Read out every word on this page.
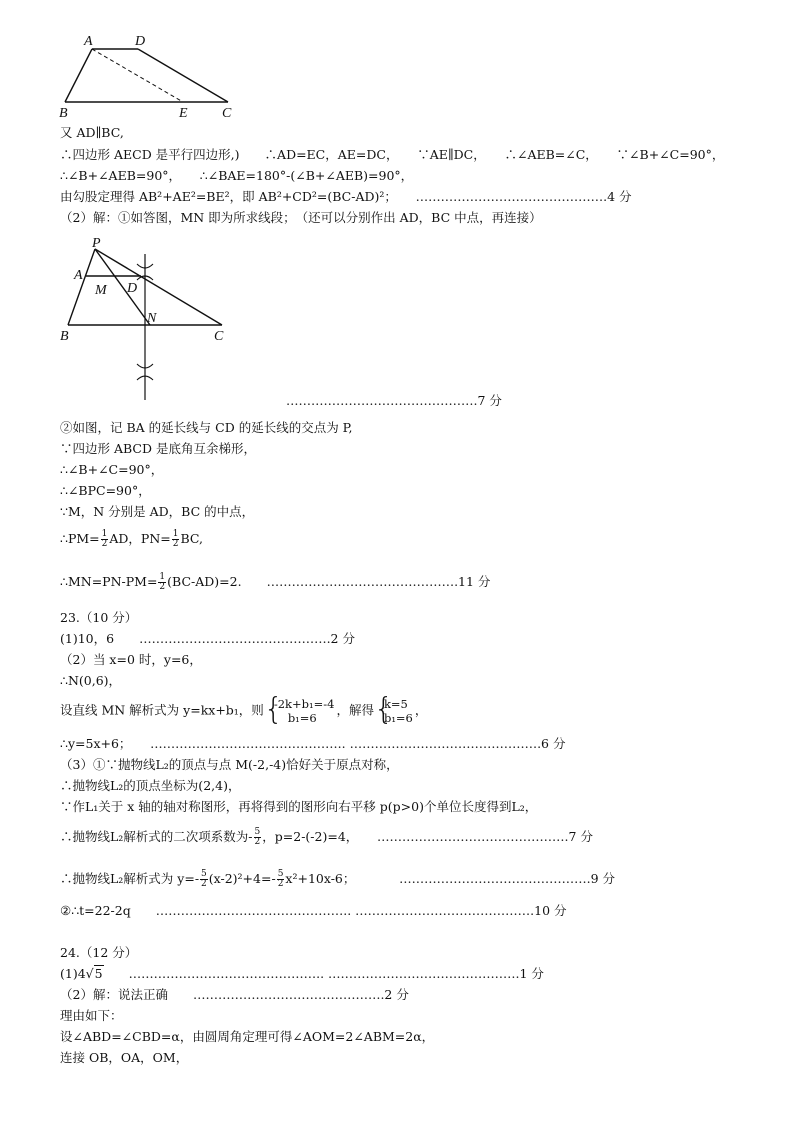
A	D
B	E C
又 AD∥BC,
∴四边形 AECD 是平行四边形,)　　∴AD=EC，AE=DC，　　∵AE∥DC，　　∴∠AEB=∠C，　　∵∠B+∠C=90°，
∴∠B+∠AEB=90°，　　∴∠BAE=180°-(∠B+∠AEB)=90°，
由勾股定理得 AB²+AE²=BE²，即 AB²+CD²=(BC-AD)²；　　……………………………………….4 分
（2）解：①如答图，MN 即为所求线段；　（还可以分别作出 AD，BC 中点，再连接）
P
A
M D
N
B	C
……………………………………….7 分
②如图，记 BA 的延长线与 CD 的延长线的交点为 P,
∵四边形 ABCD 是底角互余梯形，
∴∠B+∠C=90°，
∴∠BPC=90°，
∵M，N 分别是 AD，BC 的中点，
∴PM= $\frac{1}{2}$ AD，$PN= \frac{1}{2}$ BC,
∴MN=PN-PM= $\frac{1}{2} (BC-AD)=2$.　　……………………………………….11 分
23.（10 分）
(1)10，6　　……………………………………….2 分
（2）当 x=0 时，y=6，
∴N(0,6)，
设直线 MN 解析式为 y=kx+b₁，则 { -2k+b₁=-4
b₁=6
，解得 { k=5
b₁=6
，
∴y=5x+6；　　……………………………………….. ……………………………………….6 分
（3）①∵抛物线L₂的顶点与点 M(-2,-4)恰好关于原点对称，
∴抛物线L₂的顶点坐标为(2,4)，
∵作L₁关于 x 轴的轴对称图形，再将得到的图形向右平移 p(p>0)个单位长度得到L₂，
∴抛物线L₂解析式的二次项系数为- $\frac{5}{2}$ ，p=2-(-2)=4，　　……………………………………….7 分
∴抛物线L₂解析式为 $y=- \frac{5}{2} (x-2)^2+4=- \frac{5}{2} x^2+10x-6$；　　　　……………………………………….9 分
②∴t=22-2q　　……………………………………….. …………………………………….10 分
24.（12 分）
(1)4√5　　……………………………………….. ……………………………………….1 分
（2）解：说法正确　　……………………………………….2 分
理由如下：
设∠ABD=∠CBD=α，由圆周角定理可得∠AOM=2∠ABM=2α，
连接 OB，OA，OM，
